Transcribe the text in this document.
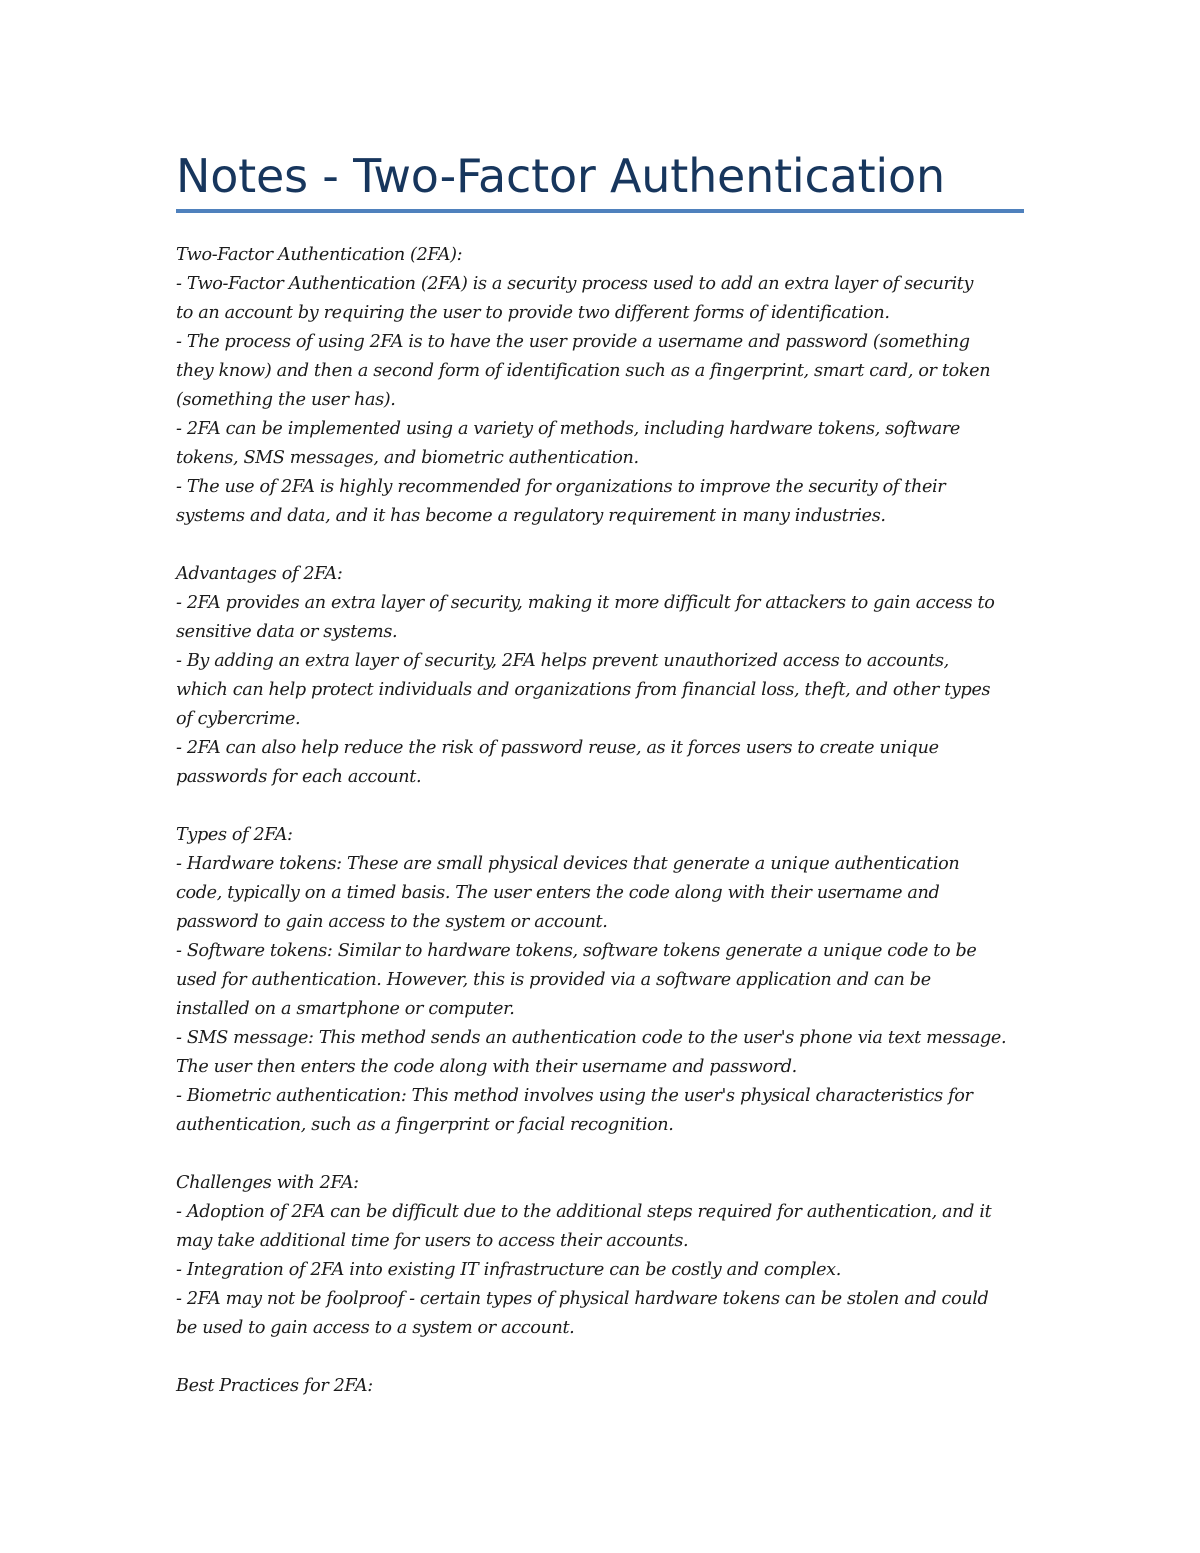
Notes - Two-Factor Authentication

Two-Factor Authentication (2FA):

- Two-Factor Authentication (2FA) is a security process used to add an extra layer of security

to an account by requiring the user to provide two different forms of identification.

- The process of using 2FA is to have the user provide a username and password (something

they know) and then a second form of identification such as a fingerprint, smart card, or token

(something the user has).

- 2FA can be implemented using a variety of methods, including hardware tokens, software

tokens, SMS messages, and biometric authentication.

- The use of 2FA is highly recommended for organizations to improve the security of their

systems and data, and it has become a regulatory requirement in many industries.

Advantages of 2FA:

- 2FA provides an extra layer of security, making it more difficult for attackers to gain access to

sensitive data or systems.

- By adding an extra layer of security, 2FA helps prevent unauthorized access to accounts,

which can help protect individuals and organizations from financial loss, theft, and other types

of cybercrime.

- 2FA can also help reduce the risk of password reuse, as it forces users to create unique

passwords for each account.

Types of 2FA:

- Hardware tokens: These are small physical devices that generate a unique authentication

code, typically on a timed basis. The user enters the code along with their username and

password to gain access to the system or account.

- Software tokens: Similar to hardware tokens, software tokens generate a unique code to be

used for authentication. However, this is provided via a software application and can be

installed on a smartphone or computer.

- SMS message: This method sends an authentication code to the user's phone via text message.

The user then enters the code along with their username and password.

- Biometric authentication: This method involves using the user's physical characteristics for

authentication, such as a fingerprint or facial recognition.

Challenges with 2FA:

- Adoption of 2FA can be difficult due to the additional steps required for authentication, and it

may take additional time for users to access their accounts.

- Integration of 2FA into existing IT infrastructure can be costly and complex.

- 2FA may not be foolproof - certain types of physical hardware tokens can be stolen and could

be used to gain access to a system or account.

Best Practices for 2FA:
